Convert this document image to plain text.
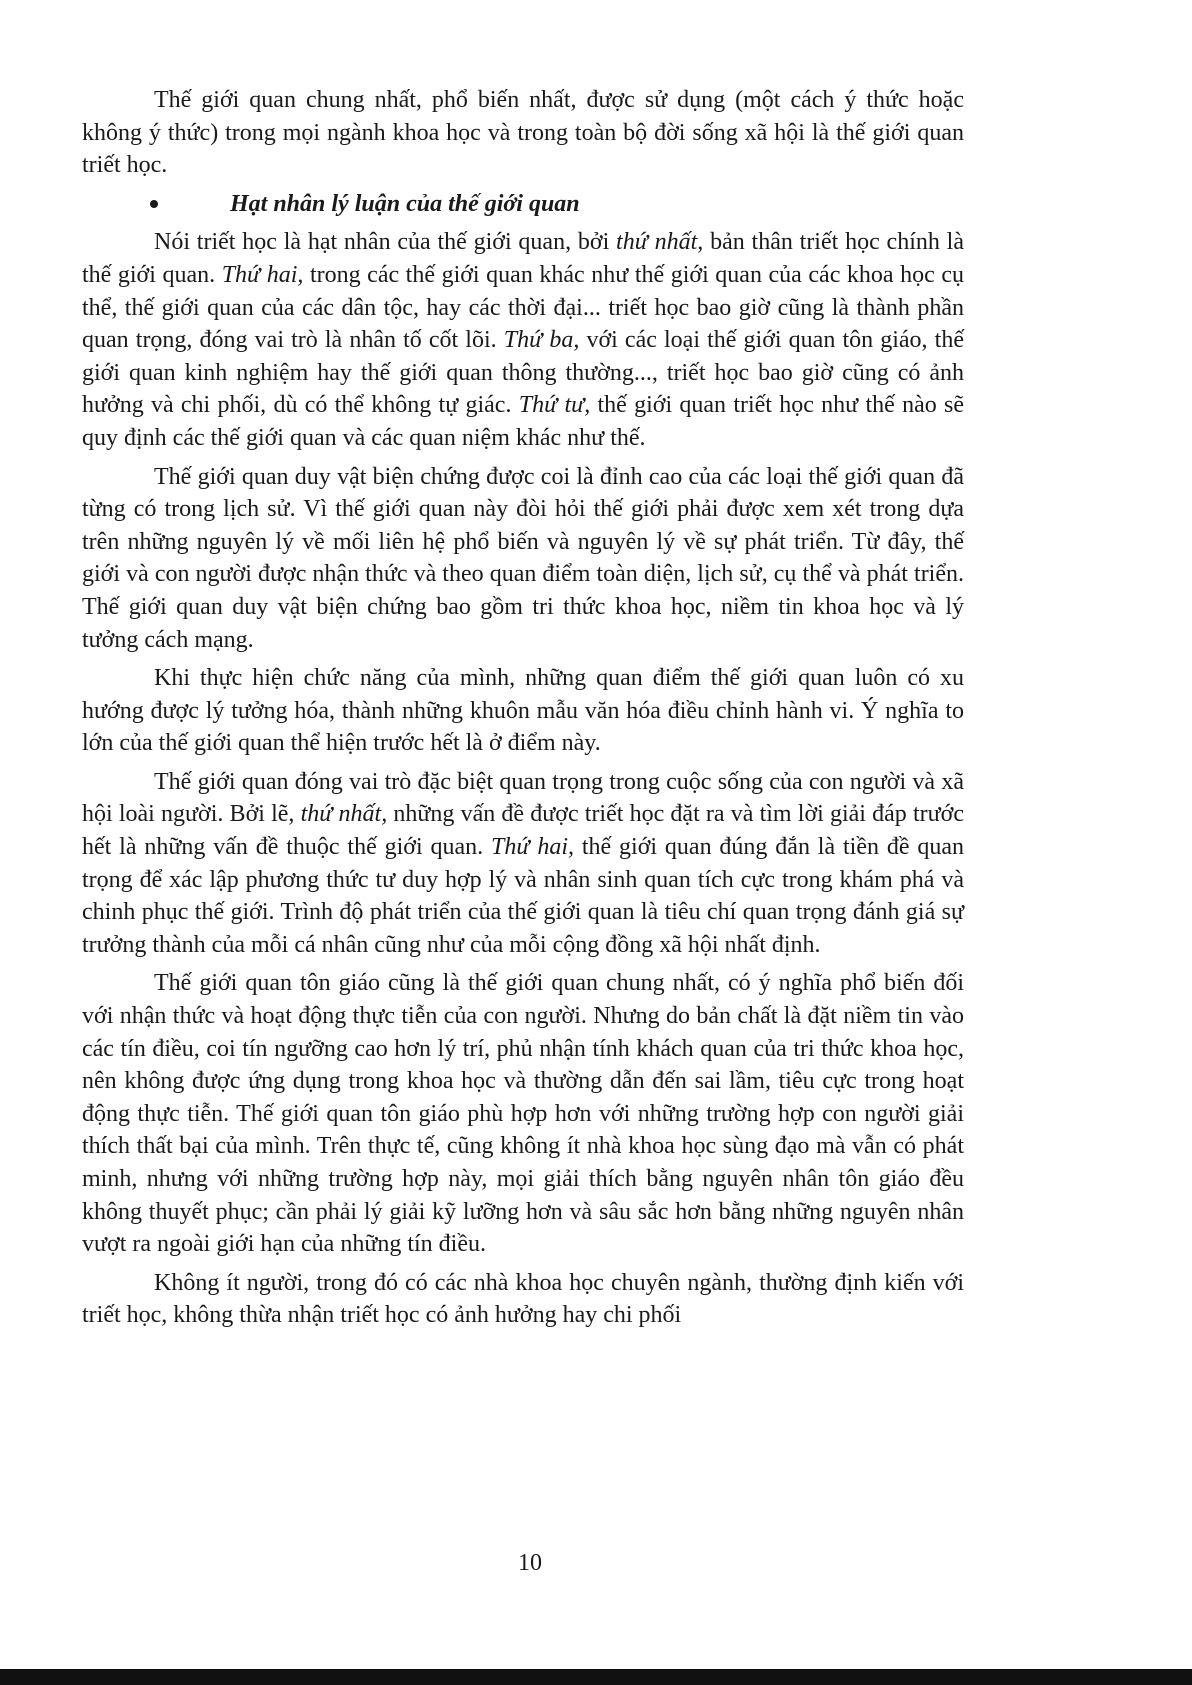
Thế giới quan chung nhất, phổ biến nhất, được sử dụng (một cách ý thức hoặc không ý thức) trong mọi ngành khoa học và trong toàn bộ đời sống xã hội là thế giới quan triết học.

Hạt nhân lý luận của thế giới quan

Nói triết học là hạt nhân của thế giới quan, bởi thứ nhất, bản thân triết học chính là thế giới quan. Thứ hai, trong các thế giới quan khác như thế giới quan của các khoa học cụ thể, thế giới quan của các dân tộc, hay các thời đại... triết học bao giờ cũng là thành phần quan trọng, đóng vai trò là nhân tố cốt lõi. Thứ ba, với các loại thế giới quan tôn giáo, thế giới quan kinh nghiệm hay thế giới quan thông thường..., triết học bao giờ cũng có ảnh hưởng và chi phối, dù có thể không tự giác. Thứ tư, thế giới quan triết học như thế nào sẽ quy định các thế giới quan và các quan niệm khác như thế.

Thế giới quan duy vật biện chứng được coi là đỉnh cao của các loại thế giới quan đã từng có trong lịch sử. Vì thế giới quan này đòi hỏi thế giới phải được xem xét trong dựa trên những nguyên lý về mối liên hệ phổ biến và nguyên lý về sự phát triển. Từ đây, thế giới và con người được nhận thức và theo quan điểm toàn diện, lịch sử, cụ thể và phát triển. Thế giới quan duy vật biện chứng bao gồm tri thức khoa học, niềm tin khoa học và lý tưởng cách mạng.

Khi thực hiện chức năng của mình, những quan điểm thế giới quan luôn có xu hướng được lý tưởng hóa, thành những khuôn mẫu văn hóa điều chỉnh hành vi. Ý nghĩa to lớn của thế giới quan thể hiện trước hết là ở điểm này.

Thế giới quan đóng vai trò đặc biệt quan trọng trong cuộc sống của con người và xã hội loài người. Bởi lẽ, thứ nhất, những vấn đề được triết học đặt ra và tìm lời giải đáp trước hết là những vấn đề thuộc thế giới quan. Thứ hai, thế giới quan đúng đắn là tiền đề quan trọng để xác lập phương thức tư duy hợp lý và nhân sinh quan tích cực trong khám phá và chinh phục thế giới. Trình độ phát triển của thế giới quan là tiêu chí quan trọng đánh giá sự trưởng thành của mỗi cá nhân cũng như của mỗi cộng đồng xã hội nhất định.

Thế giới quan tôn giáo cũng là thế giới quan chung nhất, có ý nghĩa phổ biến đối với nhận thức và hoạt động thực tiễn của con người. Nhưng do bản chất là đặt niềm tin vào các tín điều, coi tín ngưỡng cao hơn lý trí, phủ nhận tính khách quan của tri thức khoa học, nên không được ứng dụng trong khoa học và thường dẫn đến sai lầm, tiêu cực trong hoạt động thực tiễn. Thế giới quan tôn giáo phù hợp hơn với những trường hợp con người giải thích thất bại của mình. Trên thực tế, cũng không ít nhà khoa học sùng đạo mà vẫn có phát minh, nhưng với những trường hợp này, mọi giải thích bằng nguyên nhân tôn giáo đều không thuyết phục; cần phải lý giải kỹ lưỡng hơn và sâu sắc hơn bằng những nguyên nhân vượt ra ngoài giới hạn của những tín điều.

Không ít người, trong đó có các nhà khoa học chuyên ngành, thường định kiến với triết học, không thừa nhận triết học có ảnh hưởng hay chi phối

10
